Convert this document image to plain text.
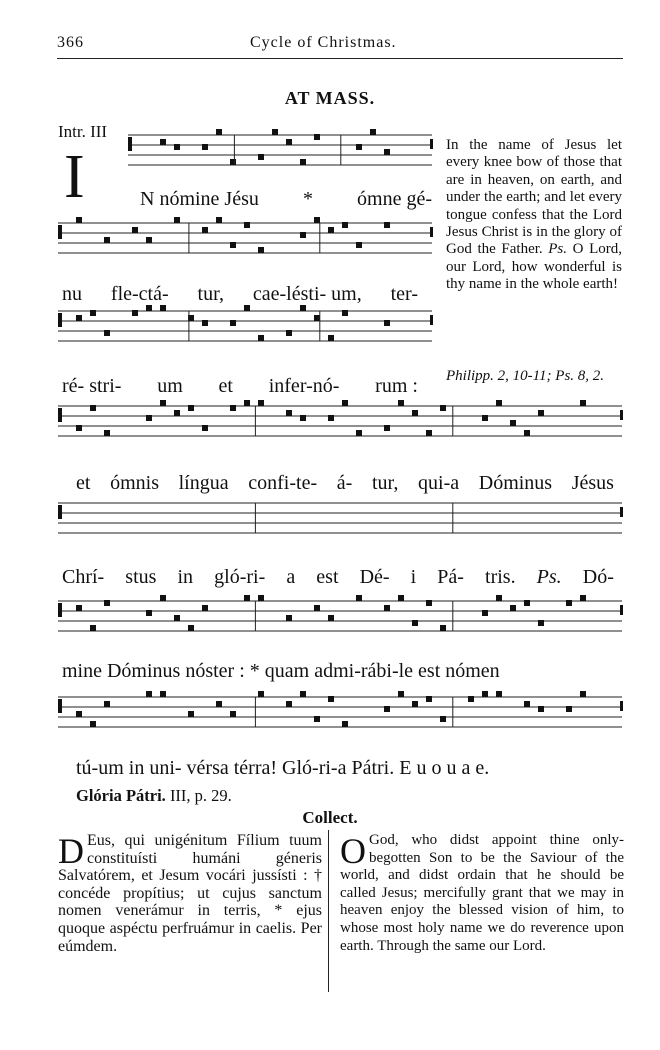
366	Cycle of Christmas.
AT MASS.
Intr. III
I	N nómine Jésu * ómne gé-
nu fle-ctá- tur, cae-lésti- um, ter-
ré- stri- um et infer-nó- rum :
et ómnis língua confi-te- á- tur, qui-a Dóminus Jésus
Chrí- stus in gló-ri- a est Dé- i Pá- tris. Ps. Dó-
mine Dóminus nóster : * quam admi-rábi-le est nómen
tú-um in uni- vérsa térra! Gló-ri-a Pátri. E u o u a e.
In the name of Jesus let every knee bow of those that are in heaven, on earth, and under the earth; and let every tongue confess that the Lord Jesus Christ is in the glory of God the Father. Ps. O Lord, our Lord, how wonderful is thy name in the whole earth!
Philipp. 2, 10-11; Ps. 8, 2.
Glória Pátri. III, p. 29.
Collect.
D Eus, qui unigénitum Fílium tuum constituísti humáni géneris Salvatórem, et Jesum vocári jussísti : † concéde propítius; ut cujus sanctum nomen venerámur in terris, * ejus quoque aspéctu perfruámur in caelis. Per eúmdem.
O God, who didst appoint thine only-begotten Son to be the Saviour of the world, and didst ordain that he should be called Jesus; mercifully grant that we may in heaven enjoy the blessed vision of him, to whose most holy name we do reverence upon earth. Through the same our Lord.
